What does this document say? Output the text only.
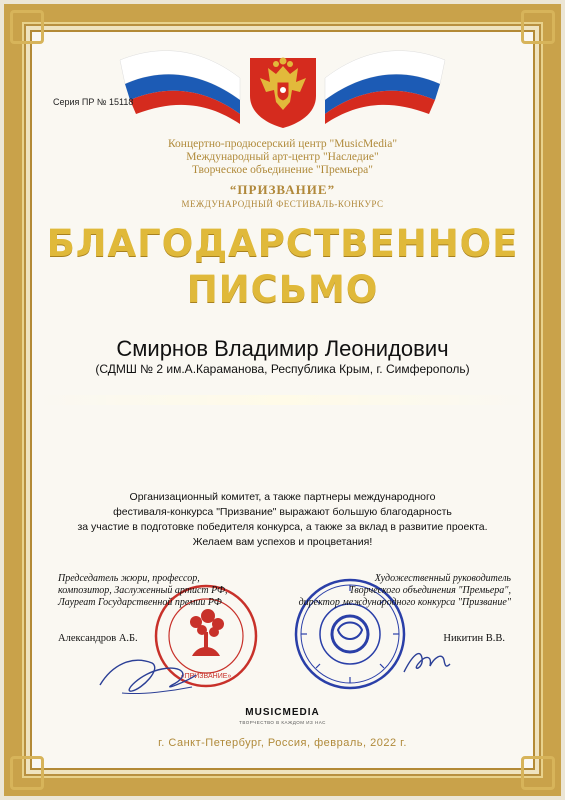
Серия ПР № 15118
Концертно-продюсерский центр "MusicMedia"
Международный арт-центр "Наследие"
Творческое объединение "Премьера"
“ПРИЗВАНИЕ”
МЕЖДУНАРОДНЫЙ ФЕСТИВАЛЬ-КОНКУРС
БЛАГОДАРСТВЕННОЕ
ПИСЬМО
Смирнов Владимир Леонидович
(СДМШ № 2 им.А.Караманова, Республика Крым, г. Симферополь)
Организационный комитет, а также партнеры международного
фестиваля-конкурса "Призвание" выражают большую благодарность
за участие в подготовке победителя конкурса, а также за вклад в развитие проекта.
Желаем вам успехов и процветания!
«ПРИЗВАНИЕ»
Председатель жюри, профессор,
композитор, Заслуженный артист РФ,
Лауреат Государственной премии РФ
Александров А.Б.
Художественный руководитель
Творческого объединения "Премьера",
директор международного конкурса "Призвание"
Никитин В.В.
MUSICMEDIA
ТВОРЧЕСТВО В КАЖДОМ ИЗ НАС
г. Санкт-Петербург, Россия, февраль, 2022 г.
